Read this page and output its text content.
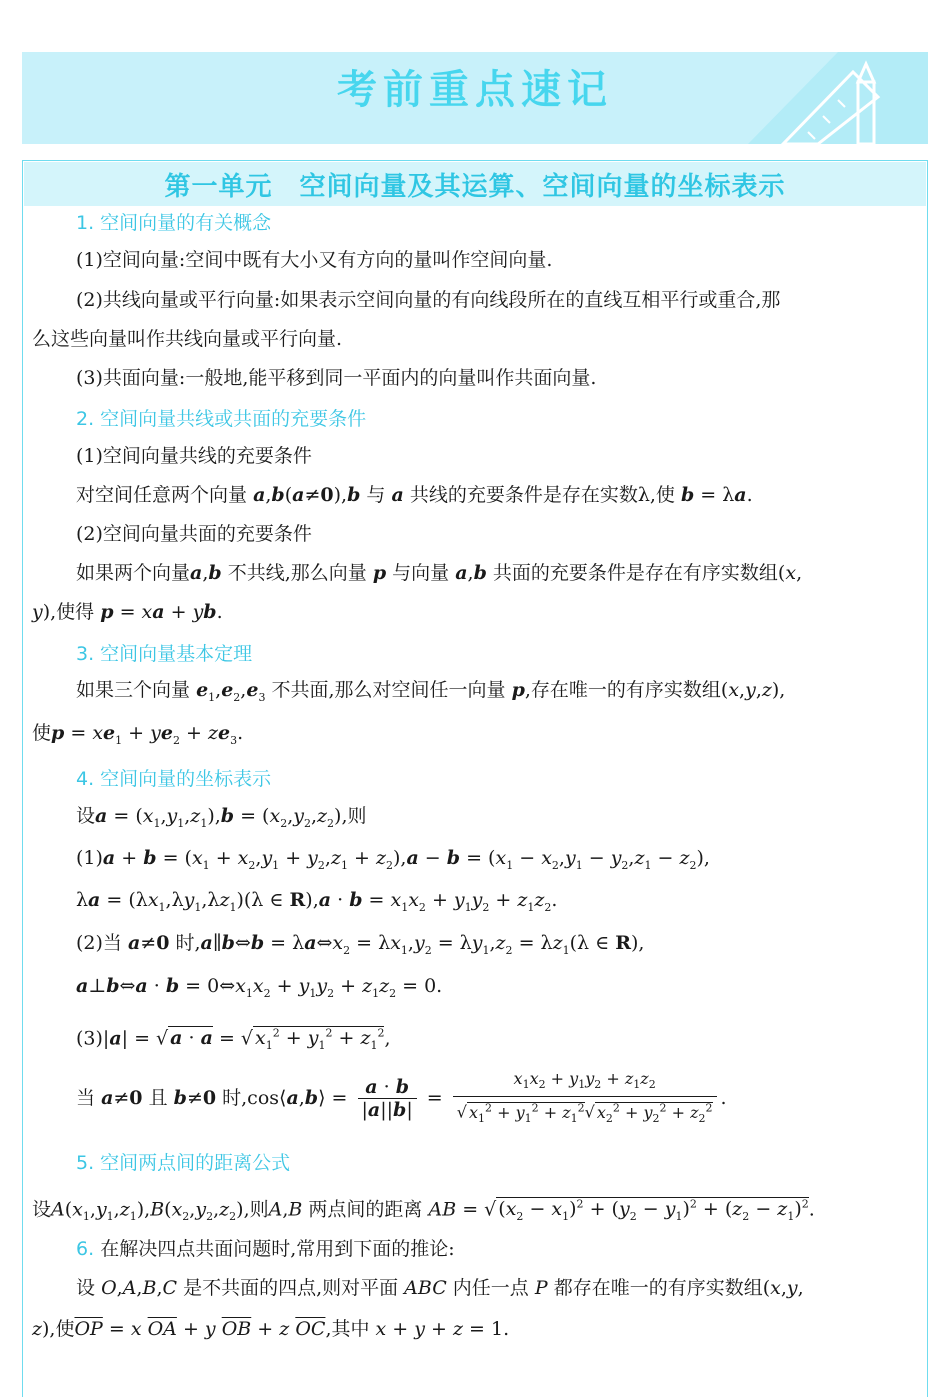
考前重点速记
第一单元　空间向量及其运算、空间向量的坐标表示
1. 空间向量的有关概念
(1)空间向量:空间中既有大小又有方向的量叫作空间向量.
(2)共线向量或平行向量:如果表示空间向量的有向线段所在的直线互相平行或重合,那
么这些向量叫作共线向量或平行向量.
(3)共面向量:一般地,能平移到同一平面内的向量叫作共面向量.
2. 空间向量共线或共面的充要条件
(1)空间向量共线的充要条件
对空间任意两个向量 a,b(a≠0),b 与 a 共线的充要条件是存在实数λ,使 b = λa.
(2)空间向量共面的充要条件
如果两个向量a,b 不共线,那么向量 p 与向量 a,b 共面的充要条件是存在有序实数组(x,
y),使得 p = xa + yb.
3. 空间向量基本定理
如果三个向量 $e_1,e_2,e_3$ 不共面,那么对空间任一向量 p,存在唯一的有序实数组(x,y,z),
使$p = xe_1 + ye_2 + ze_3$.
4. 空间向量的坐标表示
设$a = (x_1,y_1,z_1),b = (x_2,y_2,z_2)$,则
$(1)a + b = (x_1 + x_2,y_1 + y_2,z_1 + z_2),a - b = (x_1 - x_2,y_1 - y_2,z_1 - z_2)$,
$\lambda a = (\lambda x_1,\lambda y_1,\lambda z_1)(\lambda$ ∈ $R),a \cdot b = x_1x_2 + y_1y_2 + z_1z_2$.
(2)当 a≠0 时,a∥b⇔b = $\lambda a\Leftrightarrow x_2 = \lambda x_1,y_2 = \lambda y_1,z_2 = \lambda z_1(\lambda$ ∈ R),
a⊥b⇔a · $b = 0\Leftrightarrow x_1x_2 + y_1y_2 + z_1z_2 = 0$.
(3)|a| = √ a · a = √ $x_1^2 + y_1^2 + z_1^2$,
当 a≠0 且 b≠0 时,cos⟨a,b⟩ = $\frac{a \cdot b}{|a||b|} = \frac{x_1x_2 + y_1y_2 + z_1z_2}{√ x_1^2 + y_1^2 + z_1^2√ x_2^2 + y_2^2 + z_2^2}$ .
5. 空间两点间的距离公式
设$A(x_1,y_1,z_1),B(x_2,y_2,z_2)$,则A,B 两点间的距离 AB = √ $(x_2 - x_1)^2 + (y_2 - y_1)^2 + (z_2 - z_1)^2$.
6. 在解决四点共面问题时,常用到下面的推论:
设 O,A,B,C 是不共面的四点,则对平面 ABC 内任一点 P 都存在唯一的有序实数组(x,y,
z),使$\overline{OP} = x$ $\overline{OA} + y$ $\overline{OB} + z$ $\overline{OC}$,其中 x + y + z = 1.
